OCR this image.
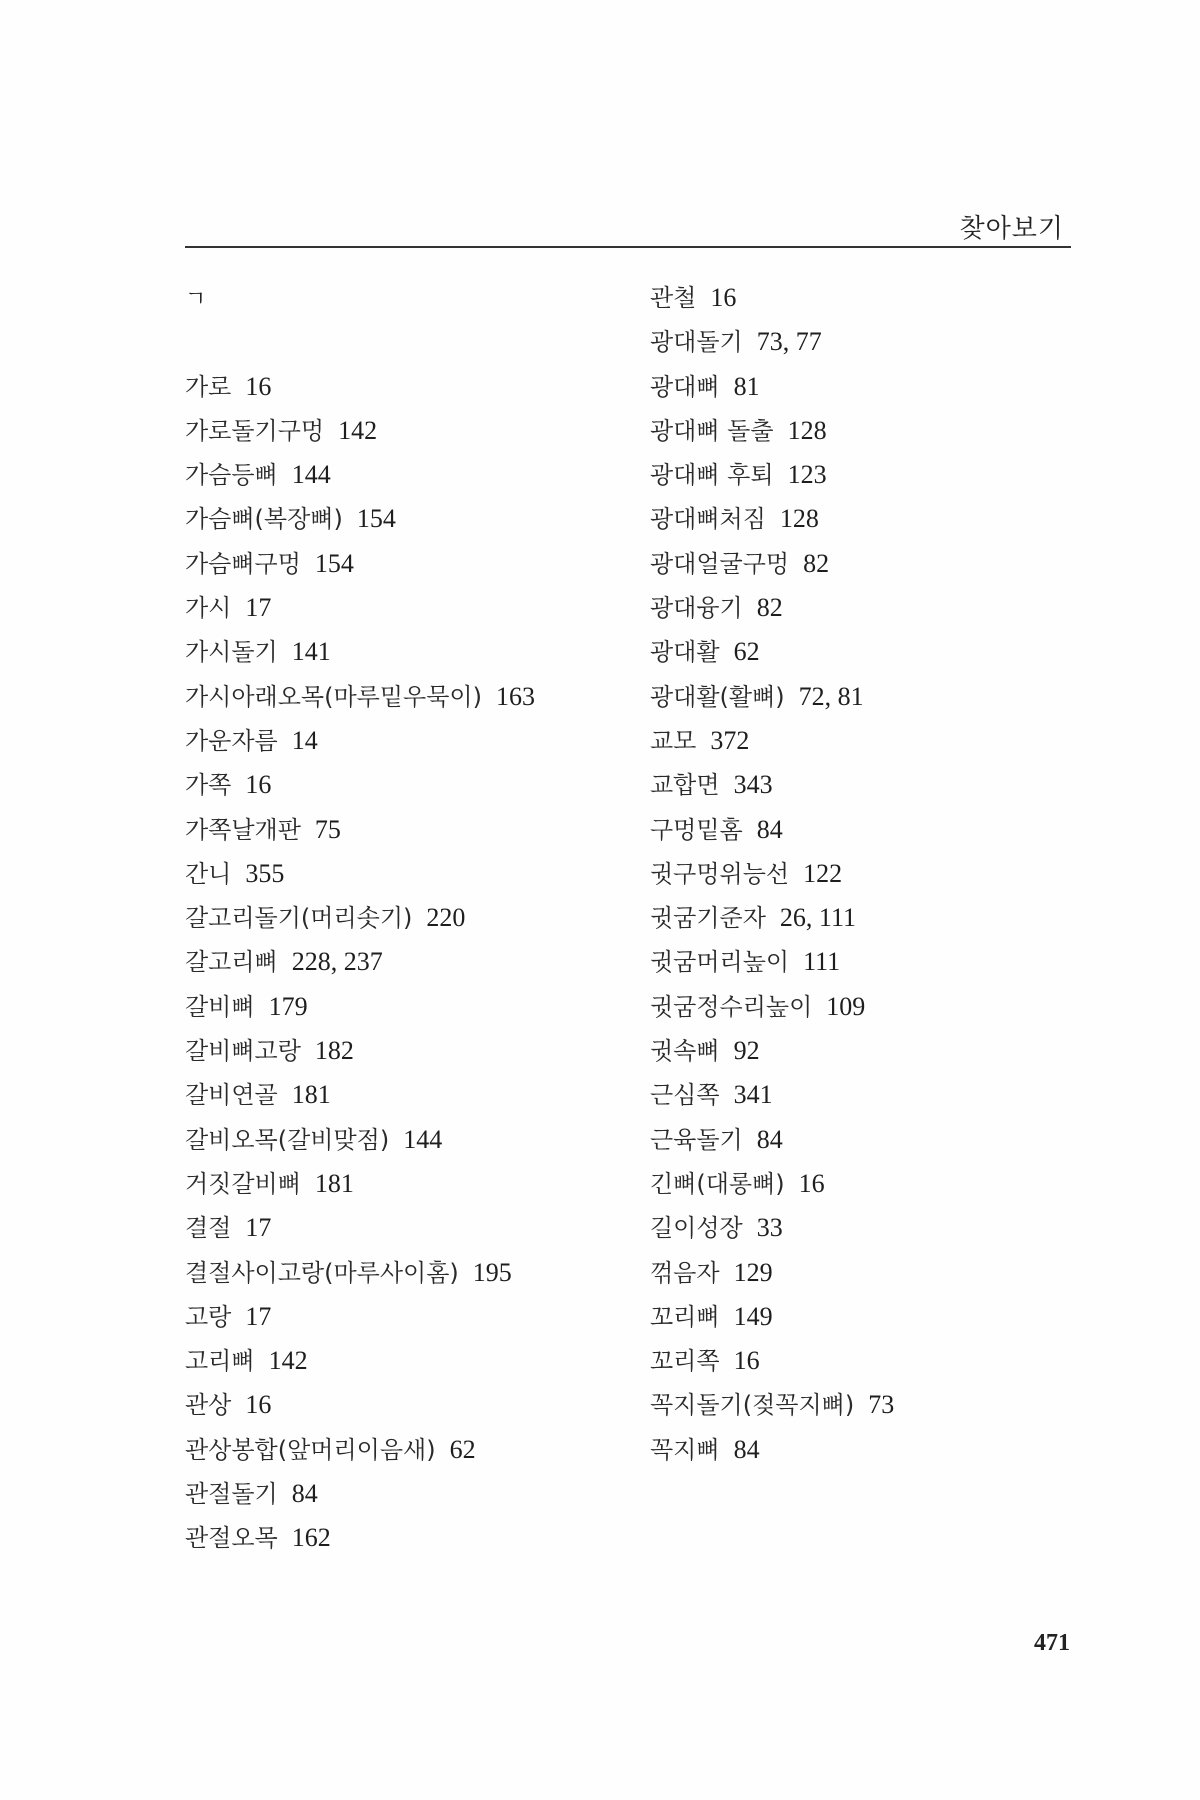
찾아보기
ㄱ
가로 16
가로돌기구멍 142
가슴등뼈 144
가슴뼈(복장뼈) 154
가슴뼈구멍 154
가시 17
가시돌기 141
가시아래오목(마루밑우묵이) 163
가운자름 14
가쪽 16
가쪽날개판 75
간니 355
갈고리돌기(머리솟기) 220
갈고리뼈 228, 237
갈비뼈 179
갈비뼈고랑 182
갈비연골 181
갈비오목(갈비맞점) 144
거짓갈비뼈 181
결절 17
결절사이고랑(마루사이홈) 195
고랑 17
고리뼈 142
관상 16
관상봉합(앞머리이음새) 62
관절돌기 84
관절오목 162
관철 16
광대돌기 73, 77
광대뼈 81
광대뼈 돌출 128
광대뼈 후퇴 123
광대뼈처짐 128
광대얼굴구멍 82
광대융기 82
광대활 62
광대활(활뼈) 72, 81
교모 372
교합면 343
구멍밑홈 84
귓구멍위능선 122
귓굼기준자 26, 111
귓굼머리높이 111
귓굼정수리높이 109
귓속뼈 92
근심쪽 341
근육돌기 84
긴뼈(대롱뼈) 16
길이성장 33
꺾음자 129
꼬리뼈 149
꼬리쪽 16
꼭지돌기(젖꼭지뼈) 73
꼭지뼈 84
471
